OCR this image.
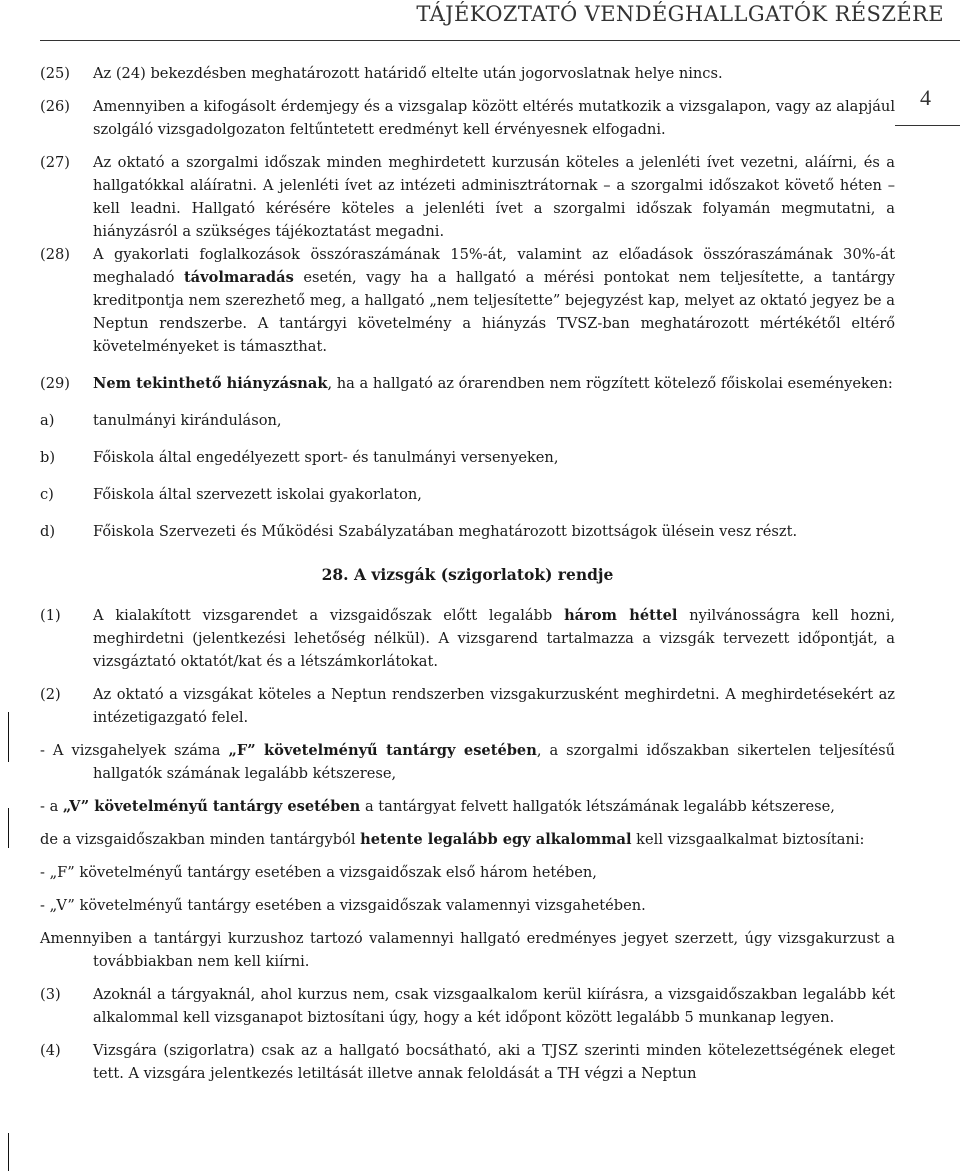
TÁJÉKOZTATÓ VENDÉGHALLGATÓK RÉSZÉRE
4
(25)	Az (24) bekezdésben meghatározott határidő eltelte után jogorvoslatnak helye nincs.
(26)	Amennyiben a kifogásolt érdemjegy és a vizsgalap között eltérés mutatkozik a vizsgalapon, vagy az alapjául szolgáló vizsgadolgozaton feltűntetett eredményt kell érvényesnek elfogadni.
(27)	Az oktató a szorgalmi időszak minden meghirdetett kurzusán köteles a jelenléti ívet vezetni, aláírni, és a hallgatókkal aláíratni. A jelenléti ívet az intézeti adminisztrátornak – a szorgalmi időszakot követő héten – kell leadni. Hallgató kérésére köteles a jelenléti ívet a szorgalmi időszak folyamán megmutatni, a hiányzásról a szükséges tájékoztatást megadni.
(28)	A gyakorlati foglalkozások összóraszámának 15%-át, valamint az előadások összóraszámának 30%-át meghaladó távolmaradás esetén, vagy ha a hallgató a mérési pontokat nem teljesítette, a tantárgy kreditpontja nem szerezhető meg, a hallgató „nem teljesítette” bejegyzést kap, melyet az oktató jegyez be a Neptun rendszerbe. A tantárgyi követelmény a hiányzás TVSZ-ban meghatározott mértékétől eltérő követelményeket is támaszthat.
(29)	Nem tekinthető hiányzásnak, ha a hallgató az órarendben nem rögzített kötelező főiskolai eseményeken:
a)	tanulmányi kiránduláson,
b)	Főiskola által engedélyezett sport- és tanulmányi versenyeken,
c)	Főiskola által szervezett iskolai gyakorlaton,
d)	Főiskola Szervezeti és Működési Szabályzatában meghatározott bizottságok ülésein vesz részt.
28. A vizsgák (szigorlatok) rendje
(1)	A kialakított vizsgarendet a vizsgaidőszak előtt legalább három héttel nyilvánosságra kell hozni, meghirdetni (jelentkezési lehetőség nélkül). A vizsgarend tartalmazza a vizsgák tervezett időpontját, a vizsgáztató oktatót/kat és a létszámkorlátokat.
(2)	Az oktató a vizsgákat köteles a Neptun rendszerben vizsgakurzusként meghirdetni. A meghirdetésekért az intézetigazgató felel.
- A vizsgahelyek száma „F” követelményű tantárgy esetében, a szorgalmi időszakban sikertelen teljesítésű hallgatók számának legalább kétszerese,
- a „V” követelményű tantárgy esetében a tantárgyat felvett hallgatók létszámának legalább kétszerese,
de a vizsgaidőszakban minden tantárgyból hetente legalább egy alkalommal kell vizsgaalkalmat biztosítani:
- „F” követelményű tantárgy esetében a vizsgaidőszak első három hetében,
- „V” követelményű tantárgy esetében a vizsgaidőszak valamennyi vizsgahetében.
Amennyiben a tantárgyi kurzushoz tartozó valamennyi hallgató eredményes jegyet szerzett, úgy vizsgakurzust a továbbiakban nem kell kiírni.
(3)	Azoknál a tárgyaknál, ahol kurzus nem, csak vizsgaalkalom kerül kiírásra, a vizsgaidőszakban legalább két alkalommal kell vizsganapot biztosítani úgy, hogy a két időpont között legalább 5 munkanap legyen.
(4)	Vizsgára (szigorlatra) csak az a hallgató bocsátható, aki a TJSZ szerinti minden kötelezettségének eleget tett. A vizsgára jelentkezés letiltását illetve annak feloldását a TH végzi a Neptun
